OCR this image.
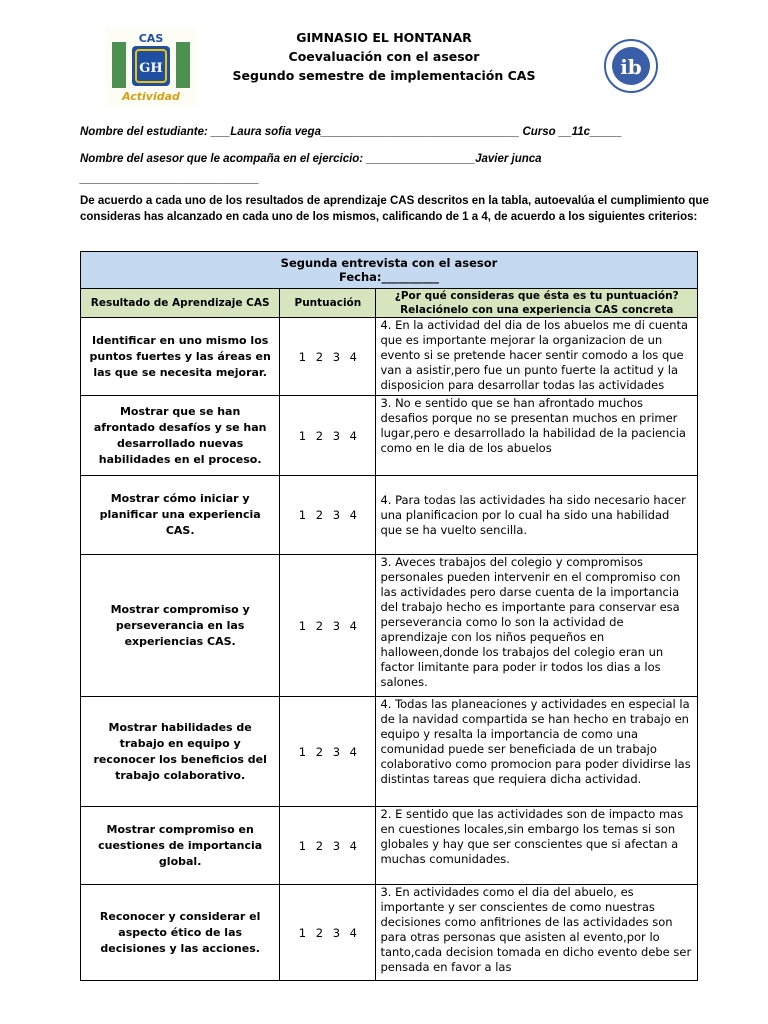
CAS
GH
Actividad
ib
GIMNASIO EL HONTANAR
Coevaluación con el asesor
Segundo semestre de implementación CAS
Nombre del estudiante: ___Laura sofia vega_______________________________ Curso __11c_____
Nombre del asesor que le acompaña en el ejercicio: _________________Javier junca
____________________________
De acuerdo a cada uno de los resultados de aprendizaje CAS descritos en la tabla, autoevalúa el cumplimiento que consideras has alcanzado en cada uno de los mismos, calificando de 1 a 4, de acuerdo a los siguientes criterios:
Segunda entrevista con el asesor
Fecha:__________		

Resultado de Aprendizaje CAS	Puntuación	¿Por qué consideras que ésta es tu puntuación? Relaciónelo con una experiencia CAS concreta
Identificar en uno mismo los puntos fuertes y las áreas en las que se necesita mejorar.	1 2 3 4	4. En la actividad del dia de los abuelos me di cuenta que es importante mejorar la organizacion de un evento si se pretende hacer sentir comodo a los que van a asistir,pero fue un punto fuerte la actitud y la disposicion para desarrollar todas las actividades
Mostrar que se han afrontado desafíos y se han desarrollado nuevas habilidades en el proceso.	1 2 3 4	3. No e sentido que se han afrontado muchos desafios porque no se presentan muchos en primer lugar,pero e desarrollado la habilidad de la paciencia como en le dia de los abuelos
Mostrar cómo iniciar y planificar una experiencia CAS.	1 2 3 4	4. Para todas las actividades ha sido necesario hacer una planificacion por lo cual ha sido una habilidad que se ha vuelto sencilla.
Mostrar compromiso y perseverancia en las experiencias CAS.	1 2 3 4	3. Aveces trabajos del colegio y compromisos personales pueden intervenir en el compromiso con las actividades pero darse cuenta de la importancia del trabajo hecho es importante para conservar esa perseverancia como lo son la actividad de aprendizaje con los niños pequeños en halloween,donde los trabajos del colegio eran un factor limitante para poder ir todos los dias a los salones.
Mostrar habilidades de trabajo en equipo y reconocer los beneficios del trabajo colaborativo.	1 2 3 4	4. Todas las planeaciones y actividades en especial la de la navidad compartida se han hecho en trabajo en equipo y resalta la importancia de como una comunidad puede ser beneficiada de un trabajo colaborativo como promocion para poder dividirse las distintas tareas que requiera dicha actividad.
Mostrar compromiso en cuestiones de importancia global.	1 2 3 4	2. E sentido que las actividades son de impacto mas en cuestiones locales,sin embargo los temas si son globales y hay que ser conscientes que si afectan a muchas comunidades.
Reconocer y considerar el aspecto ético de las decisiones y las acciones.	1 2 3 4	3. En actividades como el dia del abuelo, es importante y ser conscientes de como nuestras decisiones como anfitriones de las actividades son para otras personas que asisten al evento,por lo tanto,cada decision tomada en dicho evento debe ser pensada en favor a las
